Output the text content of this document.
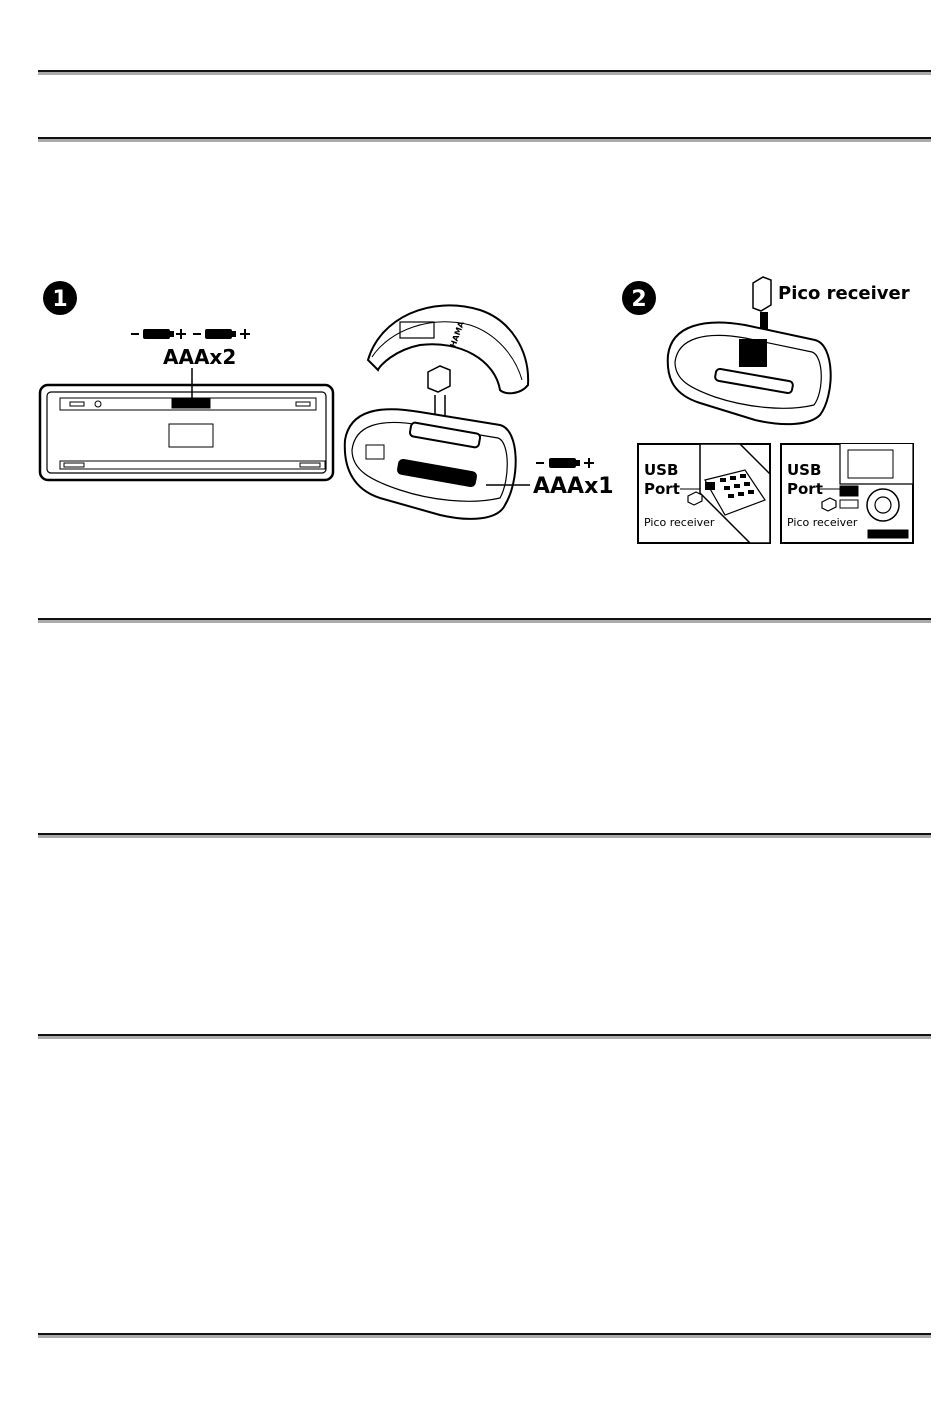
1	2
HAMA
AAAx2
AAAx1
Pico receiver
USB
Port
Pico receiver
USB
Port
Pico receiver
